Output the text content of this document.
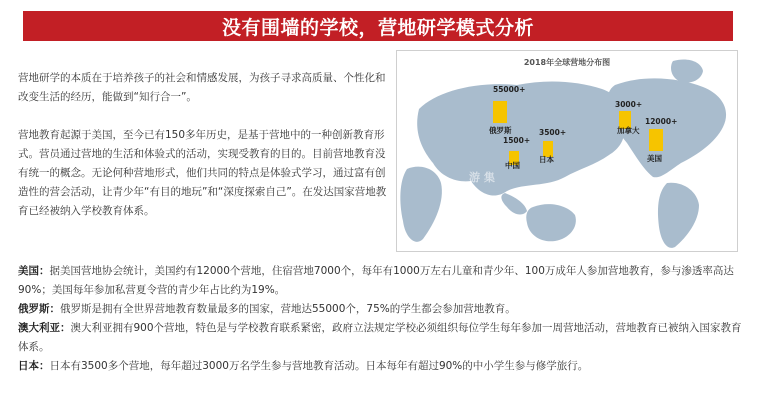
没有围墙的学校，营地研学模式分析

营地研学的本质在于培养孩子的社会和情感发展，为孩子寻求高质量、个性化和改变生活的经历，能做到“知行合一”。

营地教育起源于美国，至今已有150多年历史，是基于营地中的一种创新教育形式。营员通过营地的生活和体验式的活动，实现受教育的目的。目前营地教育没有统一的概念。无论何种营地形式，他们共同的特点是体验式学习，通过富有创造性的营会活动，让青少年“有目的地玩”和“深度探索自己”。在发达国家营地教育已经被纳入学校教育体系。

2018年全球营地分布图
游 集
55000+
俄罗斯
1500+
中国
3500+
日本
3000+
加拿大
12000+
美国

美国：据美国营地协会统计，美国约有12000个营地，住宿营地7000个，每年有1000万左右儿童和青少年、100万成年人参加营地教育，参与渗透率高达90%；美国每年参加私营夏令营的青少年占比约为19%。

俄罗斯：俄罗斯是拥有全世界营地教育数量最多的国家，营地达55000个，75%的学生都会参加营地教育。

澳大利亚：澳大利亚拥有900个营地，特色是与学校教育联系紧密，政府立法规定学校必须组织每位学生每年参加一周营地活动，营地教育已被纳入国家教育体系。

日本：日本有3500多个营地，每年超过3000万名学生参与营地教育活动。日本每年有超过90%的中小学生参与修学旅行。
